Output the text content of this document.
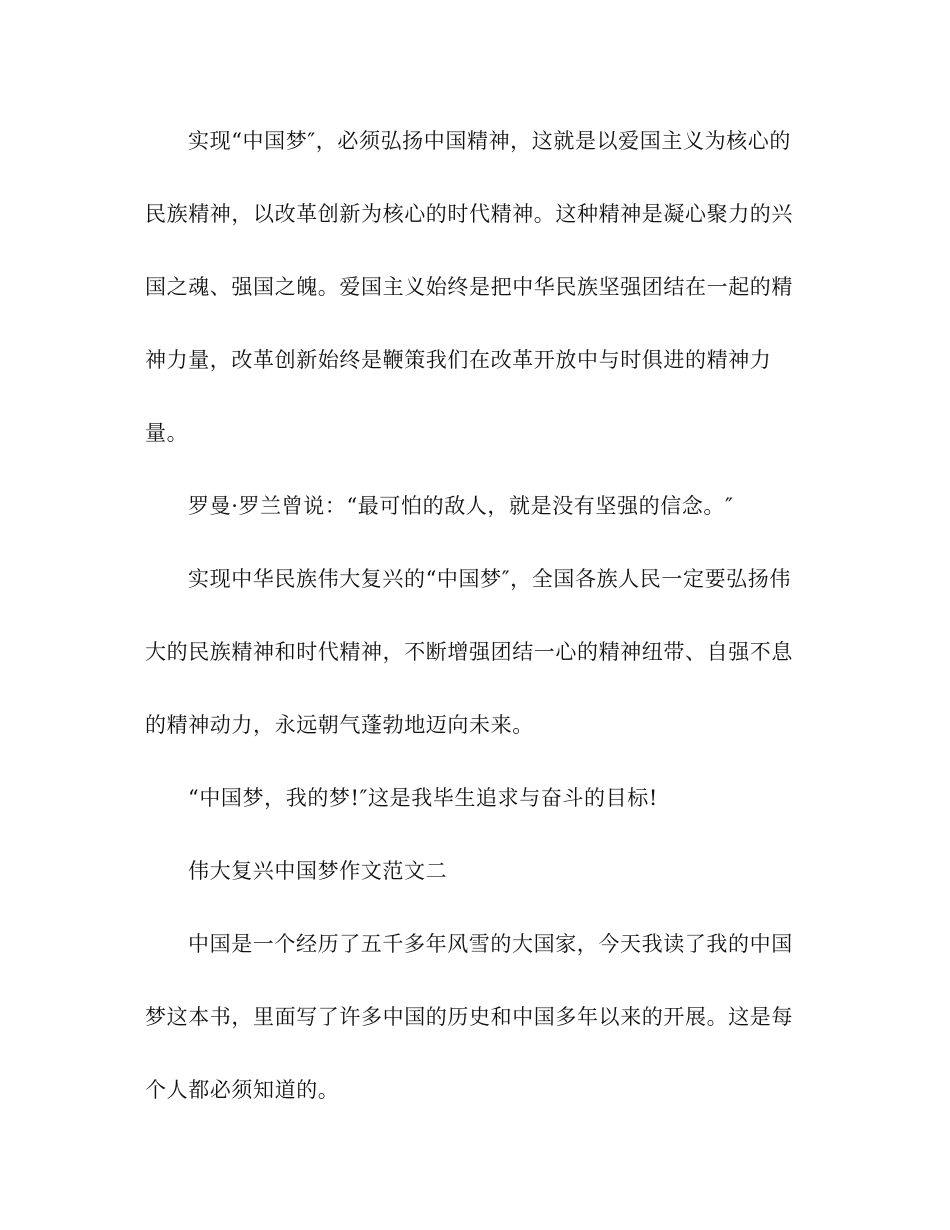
实现“中国梦″，必须弘扬中国精神，这就是以爱国主义为核心的
民族精神，以改革创新为核心的时代精神。这种精神是凝心聚力的兴
国之魂、强国之魄。爱国主义始终是把中华民族坚强团结在一起的精
神力量，改革创新始终是鞭策我们在改革开放中与时俱进的精神力
量。
罗曼·罗兰曾说：“最可怕的敌人，就是没有坚强的信念。″
实现中华民族伟大复兴的“中国梦″，全国各族人民一定要弘扬伟
大的民族精神和时代精神，不断增强团结一心的精神纽带、自强不息
的精神动力，永远朝气蓬勃地迈向未来。
“中国梦，我的梦!″这是我毕生追求与奋斗的目标!
伟大复兴中国梦作文范文二
中国是一个经历了五千多年风雪的大国家，今天我读了我的中国
梦这本书，里面写了许多中国的历史和中国多年以来的开展。这是每
个人都必须知道的。
